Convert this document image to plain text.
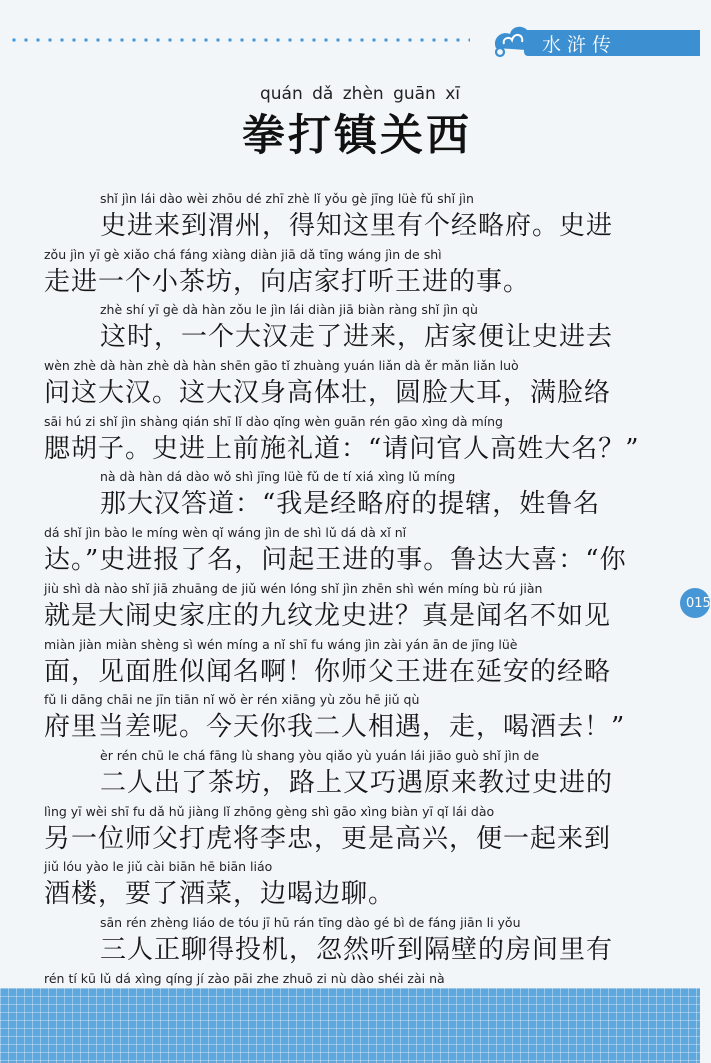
水浒传
015
quán dǎ zhèn guān xī
拳打镇关西
shǐ jìn lái dào wèi zhōu dé zhī zhè lǐ yǒu gè jīng lüè fǔ shǐ jìn
史进来到渭州，得知这里有个经略府。史进
zǒu jìn yī gè xiǎo chá fáng xiàng diàn jiā dǎ tīng wáng jìn de shì
走进一个小茶坊，向店家打听王进的事。
zhè shí yī gè dà hàn zǒu le jìn lái diàn jiā biàn ràng shǐ jìn qù
这时，一个大汉走了进来，店家便让史进去
wèn zhè dà hàn zhè dà hàn shēn gāo tǐ zhuàng yuán liǎn dà ěr mǎn liǎn luò
问这大汉。这大汉身高体壮，圆脸大耳，满脸络
sāi hú zi shǐ jìn shàng qián shī lǐ dào qǐng wèn guān rén gāo xìng dà míng
腮胡子。史进上前施礼道：“请问官人高姓大名？”
nà dà hàn dá dào wǒ shì jīng lüè fǔ de tí xiá xìng lǔ míng
那大汉答道：“我是经略府的提辖，姓鲁名
dá shǐ jìn bào le míng wèn qǐ wáng jìn de shì lǔ dá dà xǐ nǐ
达。”史进报了名，问起王进的事。鲁达大喜：“你
jiù shì dà nào shǐ jiā zhuāng de jiǔ wén lóng shǐ jìn zhēn shì wén míng bù rú jiàn
就是大闹史家庄的九纹龙史进？真是闻名不如见
miàn jiàn miàn shèng sì wén míng a nǐ shī fu wáng jìn zài yán ān de jīng lüè
面，见面胜似闻名啊！你师父王进在延安的经略
fǔ li dāng chāi ne jīn tiān nǐ wǒ èr rén xiāng yù zǒu hē jiǔ qù
府里当差呢。今天你我二人相遇，走，喝酒去！”
èr rén chū le chá fāng lù shang yòu qiǎo yù yuán lái jiāo guò shǐ jìn de
二人出了茶坊，路上又巧遇原来教过史进的
lìng yī wèi shī fu dǎ hǔ jiàng lǐ zhōng gèng shì gāo xìng biàn yī qǐ lái dào
另一位师父打虎将李忠，更是高兴，便一起来到
jiǔ lóu yào le jiǔ cài biān hē biān liáo
酒楼，要了酒菜，边喝边聊。
sān rén zhèng liáo de tóu jī hū rán tīng dào gé bì de fáng jiān li yǒu
三人正聊得投机，忽然听到隔壁的房间里有
rén tí kū lǔ dá xìng qíng jí zào pāi zhe zhuō zi nù dào shéi zài nà
